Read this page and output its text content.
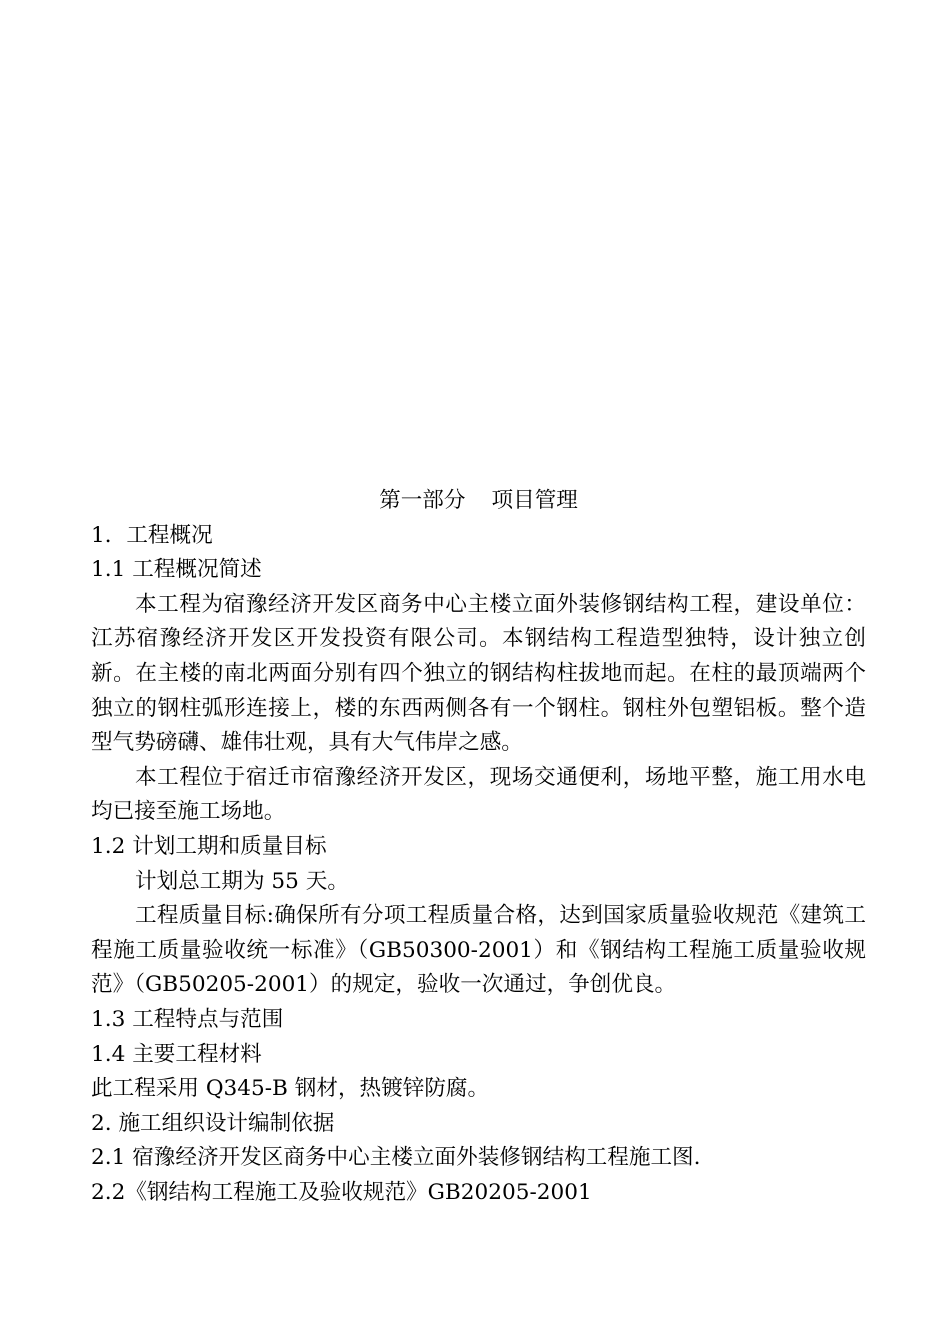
第一部分 项目管理

1．工程概况

1.1 工程概况简述

本工程为宿豫经济开发区商务中心主楼立面外装修钢结构工程，建设单位：江苏宿豫经济开发区开发投资有限公司。本钢结构工程造型独特，设计独立创新。在主楼的南北两面分别有四个独立的钢结构柱拔地而起。在柱的最顶端两个独立的钢柱弧形连接上，楼的东西两侧各有一个钢柱。钢柱外包塑铝板。整个造型气势磅礴、雄伟壮观，具有大气伟岸之感。

本工程位于宿迁市宿豫经济开发区，现场交通便利，场地平整，施工用水电均已接至施工场地。

1.2 计划工期和质量目标

计划总工期为 55 天。

工程质量目标:确保所有分项工程质量合格，达到国家质量验收规范《建筑工程施工质量验收统一标准》（GB50300-2001）和《钢结构工程施工质量验收规范》（GB50205-2001）的规定，验收一次通过，争创优良。

1.3 工程特点与范围

1.4 主要工程材料

此工程采用 Q345-B 钢材，热镀锌防腐。

2. 施工组织设计编制依据

2.1 宿豫经济开发区商务中心主楼立面外装修钢结构工程施工图.

2.2《钢结构工程施工及验收规范》GB20205-2001
